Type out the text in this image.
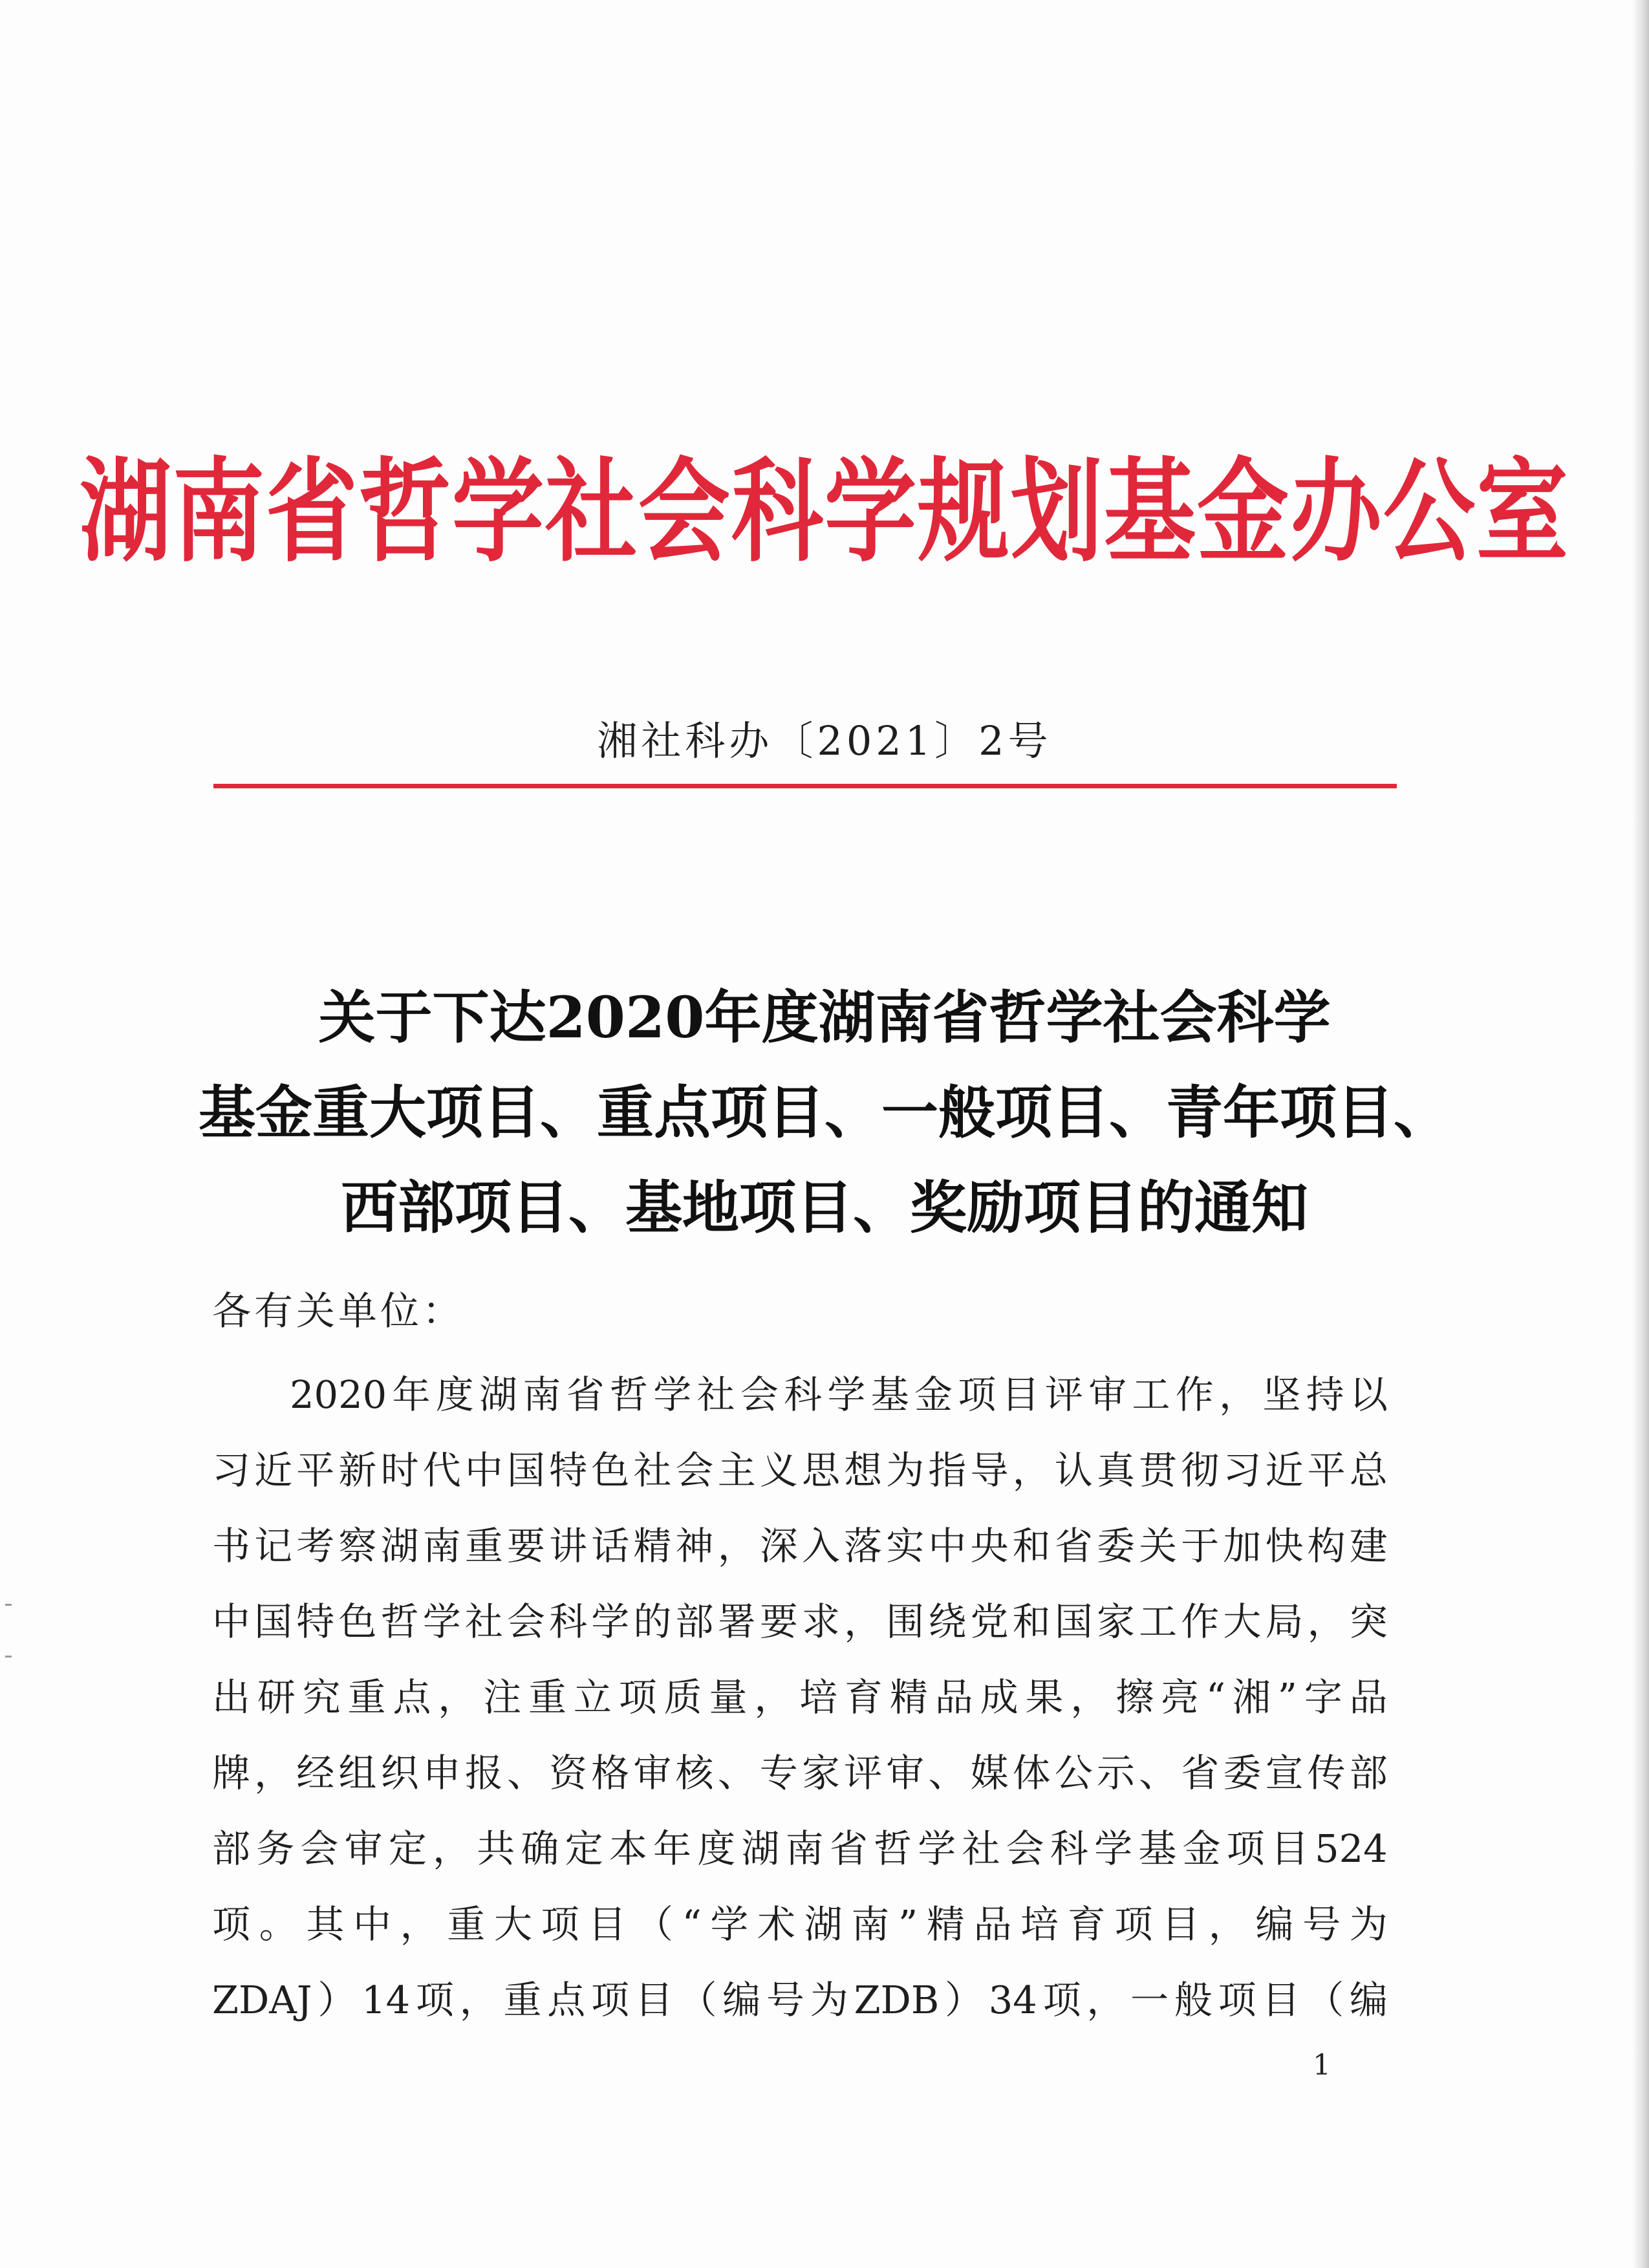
湖南省哲学社会科学规划基金办公室
湘社科办〔2021〕2号
关于下达2020年度湖南省哲学社会科学
基金重大项目、重点项目、一般项目、青年项目、
西部项目、基地项目、奖励项目的通知
各有关单位：
2020 年 度 湖 南 省 哲 学 社 会 科 学 基 金 项 目 评 审 工 作 ， 坚 持 以
习 近 平 新 时 代 中 国 特 色 社 会 主 义 思 想 为 指 导 ， 认 真 贯 彻 习 近 平 总
书 记 考 察 湖 南 重 要 讲 话 精 神 ， 深 入 落 实 中 央 和 省 委 关 于 加 快 构 建
中 国 特 色 哲 学 社 会 科 学 的 部 署 要 求 ， 围 绕 党 和 国 家 工 作 大 局 ， 突
出 研 究 重 点 ， 注 重 立 项 质 量 ， 培 育 精 品 成 果 ， 擦 亮 “ 湘 ” 字 品
牌 ， 经 组 织 申 报 、 资 格 审 核 、 专 家 评 审 、 媒 体 公 示 、 省 委 宣 传 部
部 务 会 审 定 ， 共 确 定 本 年 度 湖 南 省 哲 学 社 会 科 学 基 金 项 目 524
项 。 其 中 ， 重 大 项 目 （ “ 学 术 湖 南 ” 精 品 培 育 项 目 ， 编 号 为
ZDAJ ） 14 项 ， 重 点 项 目 （ 编 号 为 ZDB ） 34 项 ， 一 般 项 目 （ 编
1
